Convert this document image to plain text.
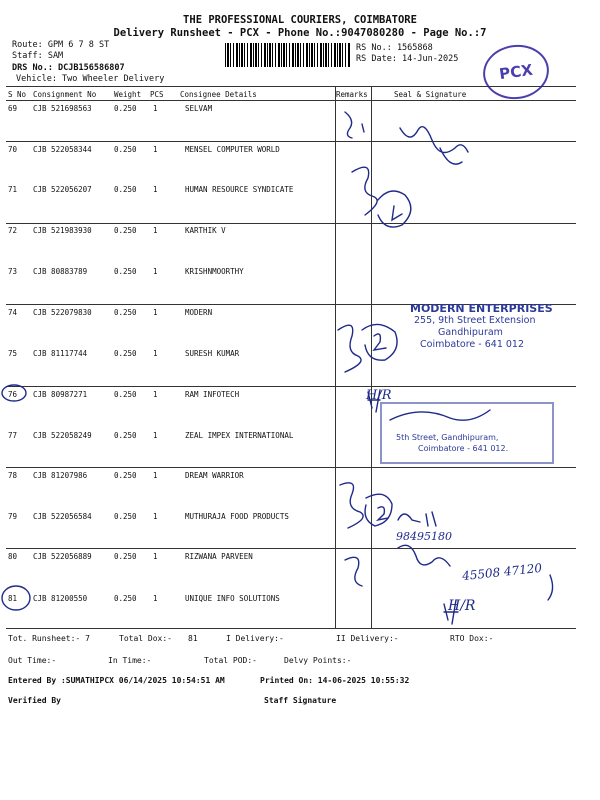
THE PROFESSIONAL COURIERS, COIMBATORE
Delivery Runsheet - PCX - Phone No.:9047080280 - Page No.:7
Route: GPM 6 7 8 ST
Staff: SAM
DRS No.: DCJB156586807
Vehicle: Two Wheeler Delivery
RS No.: 1565868
RS Date: 14-Jun-2025
PCX
S No Consignment No Weight PCS Consignee Details	Remarks	Seal & Signature
69 CJB 521698563	0.250 1	SELVAM
70 CJB 522058344	0.250 1	MENSEL COMPUTER WORLD
71 CJB 522056207	0.250 1	HUMAN RESOURCE SYNDICATE
72 CJB 521983930	0.250 1	KARTHIK V
73 CJB 80883789	0.250 1	KRISHNMOORTHY
74 CJB 522079830	0.250 1	MODERN
75 CJB 81117744	0.250 1	SURESH KUMAR
76 CJB 80987271	0.250 1	RAM INFOTECH
77 CJB 522058249	0.250 1	ZEAL IMPEX INTERNATIONAL
78 CJB 81207986	0.250 1	DREAM WARRIOR
79 CJB 522056584	0.250 1	MUTHURAJA FOOD PRODUCTS
80 CJB 522056889	0.250 1	RIZWANA PARVEEN
81 CJB 81200550	0.250 1	UNIQUE INFO SOLUTIONS
H/R
H/R
98495180
45508 47120
MODERN ENTERPRISES
255, 9th Street Extension
Gandhipuram
Coimbatore - 641 012
5th Street, Gandhipuram,
Coimbatore - 641 012.
Tot. Runsheet:- 7	Total Dox:- 81	I Delivery:-	II Delivery:-	RTO Dox:-
Out Time:-	In Time:-	Total POD:-	Delvy Points:-
Entered By :SUMATHIPCX 06/14/2025 10:54:51 AM	Printed On: 14-06-2025 10:55:32
Verified By	Staff Signature
